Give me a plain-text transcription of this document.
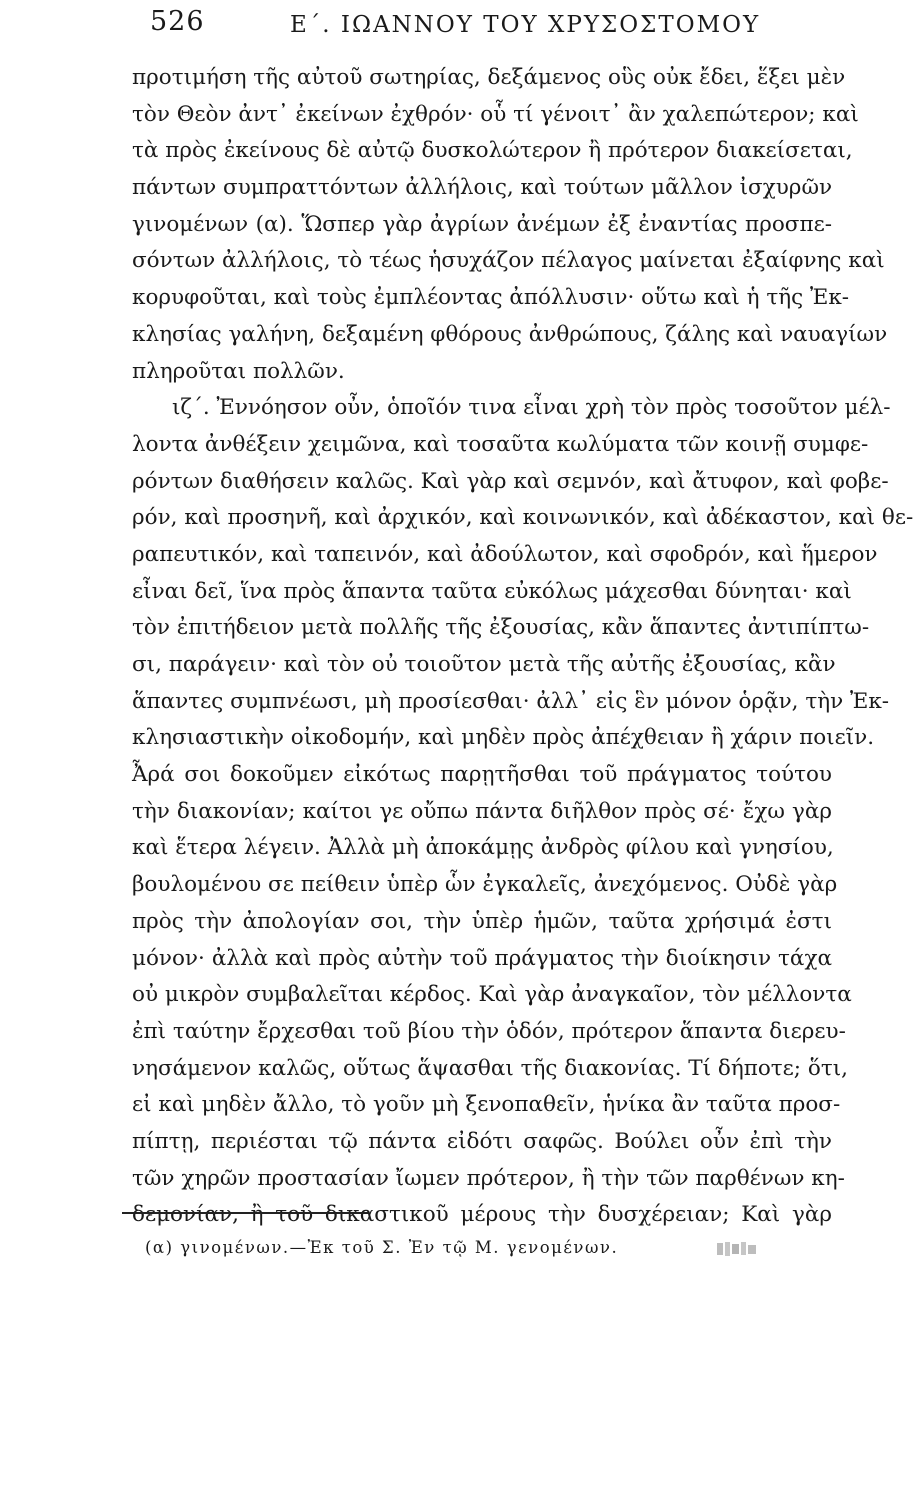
526	Ε΄. ΙΩΑΝΝΟΥ ΤΟΥ ΧΡΥΣΟΣΤΟΜΟΥ
προτιμήση τῆς αὐτοῦ σωτηρίας, δεξάμενος οὓς οὐκ ἔδει, ἕξει μὲν
τὸν Θεὸν ἀντ᾽ ἐκείνων ἐχθρόν· οὗ τί γένοιτ᾽ ἂν χαλεπώτερον; καὶ
τὰ πρὸς ἐκείνους δὲ αὐτῷ δυσκολώτερον ἢ πρότερον διακείσεται,
πάντων συμπραττόντων ἀλλήλοις, καὶ τούτων μᾶλλον ἰσχυρῶν
γινομένων (α). Ὥσπερ γὰρ ἀγρίων ἀνέμων ἐξ ἐναντίας προσπε-
σόντων ἀλλήλοις, τὸ τέως ἡσυχάζον πέλαγος μαίνεται ἐξαίφνης καὶ
κορυφοῦται, καὶ τοὺς ἐμπλέοντας ἀπόλλυσιν· οὕτω καὶ ἡ τῆς Ἐκ-
κλησίας γαλήνη, δεξαμένη φθόρους ἀνθρώπους, ζάλης καὶ ναυαγίων
πληροῦται πολλῶν.
ιζ΄. Ἐννόησον οὖν, ὁποῖόν τινα εἶναι χρὴ τὸν πρὸς τοσοῦτον μέλ-
λοντα ἀνθέξειν χειμῶνα, καὶ τοσαῦτα κωλύματα τῶν κοινῇ συμφε-
ρόντων διαθήσειν καλῶς. Καὶ γὰρ καὶ σεμνόν, καὶ ἄτυφον, καὶ φοβε-
ρόν, καὶ προσηνῆ, καὶ ἀρχικόν, καὶ κοινωνικόν, καὶ ἀδέκαστον, καὶ θε-
ραπευτικόν, καὶ ταπεινόν, καὶ ἀδούλωτον, καὶ σφοδρόν, καὶ ἥμερον
εἶναι δεῖ, ἵνα πρὸς ἅπαντα ταῦτα εὐκόλως μάχεσθαι δύνηται· καὶ
τὸν ἐπιτήδειον μετὰ πολλῆς τῆς ἐξουσίας, κἂν ἅπαντες ἀντιπίπτω-
σι, παράγειν· καὶ τὸν οὐ τοιοῦτον μετὰ τῆς αὐτῆς ἐξουσίας, κἂν
ἅπαντες συμπνέωσι, μὴ προσίεσθαι· ἀλλ᾽ εἰς ἓν μόνον ὁρᾷν, τὴν Ἐκ-
κλησιαστικὴν οἰκοδομήν, καὶ μηδὲν πρὸς ἀπέχθειαν ἢ χάριν ποιεῖν.
Ἆρά σοι δοκοῦμεν εἰκότως παρῃτῆσθαι τοῦ πράγματος τούτου
τὴν διακονίαν; καίτοι γε οὔπω πάντα διῆλθον πρὸς σέ· ἔχω γὰρ
καὶ ἕτερα λέγειν. Ἀλλὰ μὴ ἀποκάμῃς ἀνδρὸς φίλου καὶ γνησίου,
βουλομένου σε πείθειν ὑπὲρ ὧν ἐγκαλεῖς, ἀνεχόμενος. Οὐδὲ γὰρ
πρὸς τὴν ἀπολογίαν σοι, τὴν ὑπὲρ ἡμῶν, ταῦτα χρήσιμά ἐστι
μόνον· ἀλλὰ καὶ πρὸς αὐτὴν τοῦ πράγματος τὴν διοίκησιν τάχα
οὐ μικρὸν συμβαλεῖται κέρδος. Καὶ γὰρ ἀναγκαῖον, τὸν μέλλοντα
ἐπὶ ταύτην ἔρχεσθαι τοῦ βίου τὴν ὁδόν, πρότερον ἅπαντα διερευ-
νησάμενον καλῶς, οὕτως ἅψασθαι τῆς διακονίας. Τί δήποτε; ὅτι,
εἰ καὶ μηδὲν ἄλλο, τὸ γοῦν μὴ ξενοπαθεῖν, ἡνίκα ἂν ταῦτα προσ-
πίπτῃ, περιέσται τῷ πάντα εἰδότι σαφῶς. Βούλει οὖν ἐπὶ τὴν
τῶν χηρῶν προστασίαν ἴωμεν πρότερον, ἢ τὴν τῶν παρθένων κη-
δεμονίαν, ἢ τοῦ δικαστικοῦ μέρους τὴν δυσχέρειαν; Καὶ γὰρ
(α) γινομένων.—Ἐκ τοῦ Σ. Ἐν τῷ Μ. γενομένων.
